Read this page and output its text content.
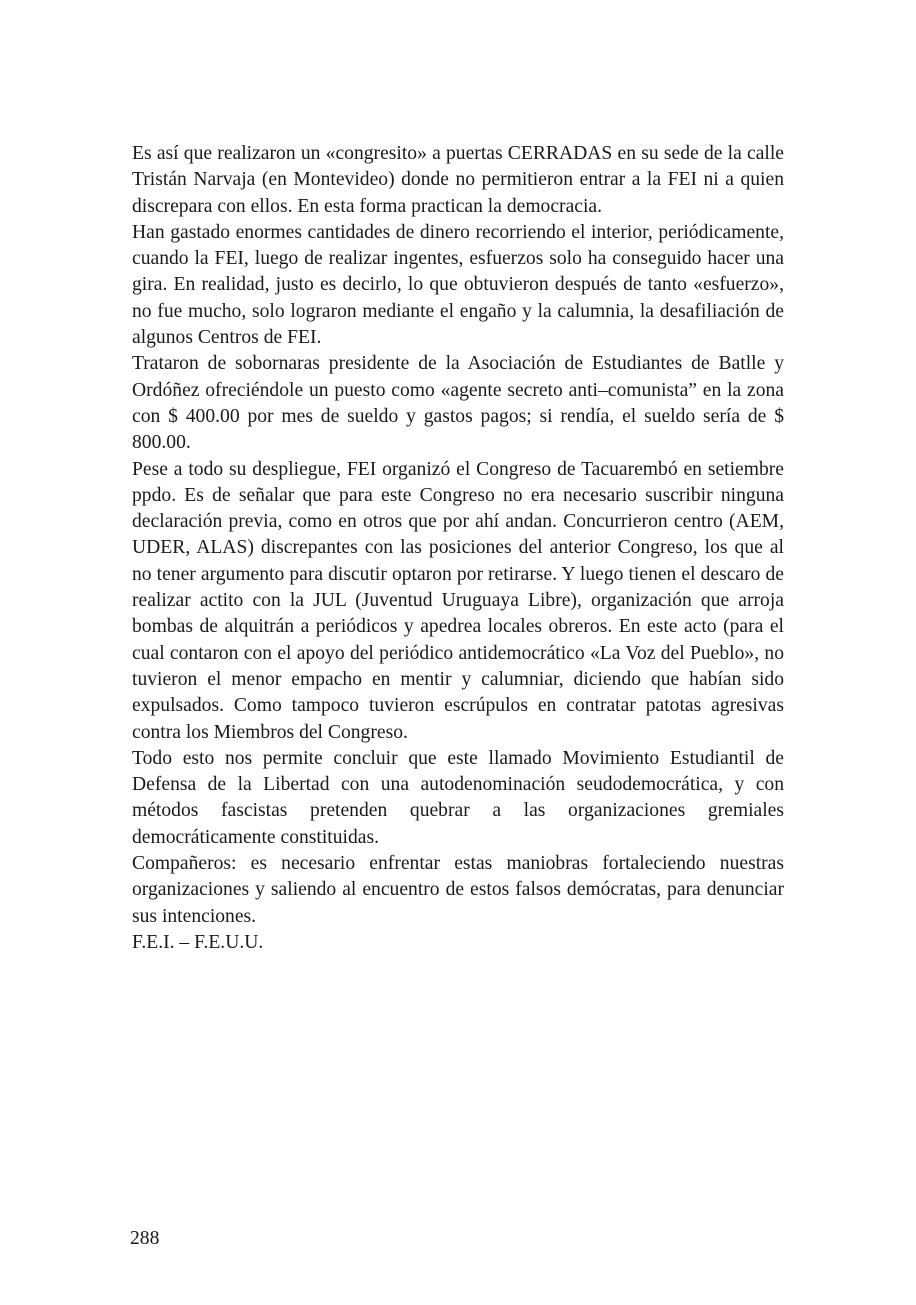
Es así que realizaron un «congresito» a puertas CERRADAS en su sede de la calle Tristán Narvaja (en Montevideo) donde no permitieron entrar a la FEI ni a quien discrepara con ellos. En esta forma practican la democracia.

Han gastado enormes cantidades de dinero recorriendo el interior, periódicamente, cuando la FEI, luego de realizar ingentes, esfuerzos solo ha conseguido hacer una gira. En realidad, justo es decirlo, lo que obtuvieron después de tanto «esfuerzo», no fue mucho, solo lograron mediante el engaño y la calumnia, la desafiliación de algunos Centros de FEI.

Trataron de sobornaras presidente de la Asociación de Estudiantes de Batlle y Ordóñez ofreciéndole un puesto como «agente secreto anti–comunista” en la zona con $ 400.00 por mes de sueldo y gastos pagos; si rendía, el sueldo sería de $ 800.00.

Pese a todo su despliegue, FEI organizó el Congreso de Tacuarembó en setiembre ppdo. Es de señalar que para este Congreso no era necesario suscribir ninguna declaración previa, como en otros que por ahí andan. Concurrieron centro (AEM, UDER, ALAS) discrepantes con las posiciones del anterior Congreso, los que al no tener argumento para discutir optaron por retirarse. Y luego tienen el descaro de realizar actito con la JUL (Juventud Uruguaya Libre), organización que arroja bombas de alquitrán a periódicos y apedrea locales obreros. En este acto (para el cual contaron con el apoyo del periódico antidemocrático «La Voz del Pueblo», no tuvieron el menor empacho en mentir y calumniar, diciendo que habían sido expulsados. Como tampoco tuvieron escrúpulos en contratar patotas agresivas contra los Miembros del Congreso.

Todo esto nos permite concluir que este llamado Movimiento Estudiantil de Defensa de la Libertad con una autodenominación seudodemocrática, y con métodos fascistas pretenden quebrar a las organizaciones gremiales democráticamente constituidas.

Compañeros: es necesario enfrentar estas maniobras fortaleciendo nuestras organizaciones y saliendo al encuentro de estos falsos demócratas, para denunciar sus intenciones.

F.E.I. – F.E.U.U.

288
